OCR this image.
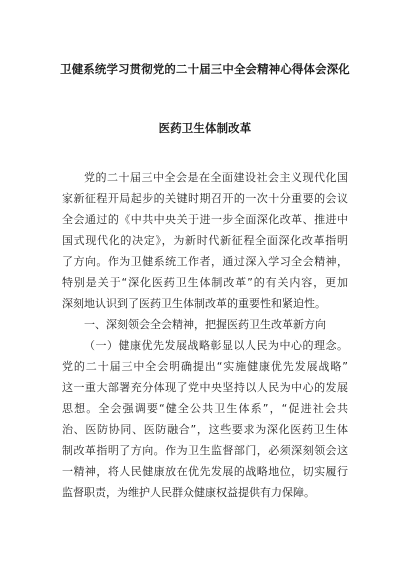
卫健系统学习贯彻党的二十届三中全会精神心得体会深化
医药卫生体制改革
党的二十届三中全会是在全面建设社会主义现代化国
家新征程开局起步的关键时期召开的一次十分重要的会议
全会通过的《中共中央关于进一步全面深化改革、推进中
国式现代化的决定》，为新时代新征程全面深化改革指明
了方向。作为卫健系统工作者，通过深入学习全会精神，
特别是关于“深化医药卫生体制改革”的有关内容，更加
深刻地认识到了医药卫生体制改革的重要性和紧迫性。
一、深刻领会全会精神，把握医药卫生改革新方向
（一）健康优先发展战略彰显以人民为中心的理念。
党的二十届三中全会明确提出“实施健康优先发展战略”
这一重大部署充分体现了党中央坚持以人民为中心的发展
思想。全会强调要“健全公共卫生体系”，“促进社会共
治、医防协同、医防融合”，这些要求为深化医药卫生体
制改革指明了方向。作为卫生监督部门，必须深刻领会这
一精神，将人民健康放在优先发展的战略地位，切实履行
监督职责，为维护人民群众健康权益提供有力保障。
